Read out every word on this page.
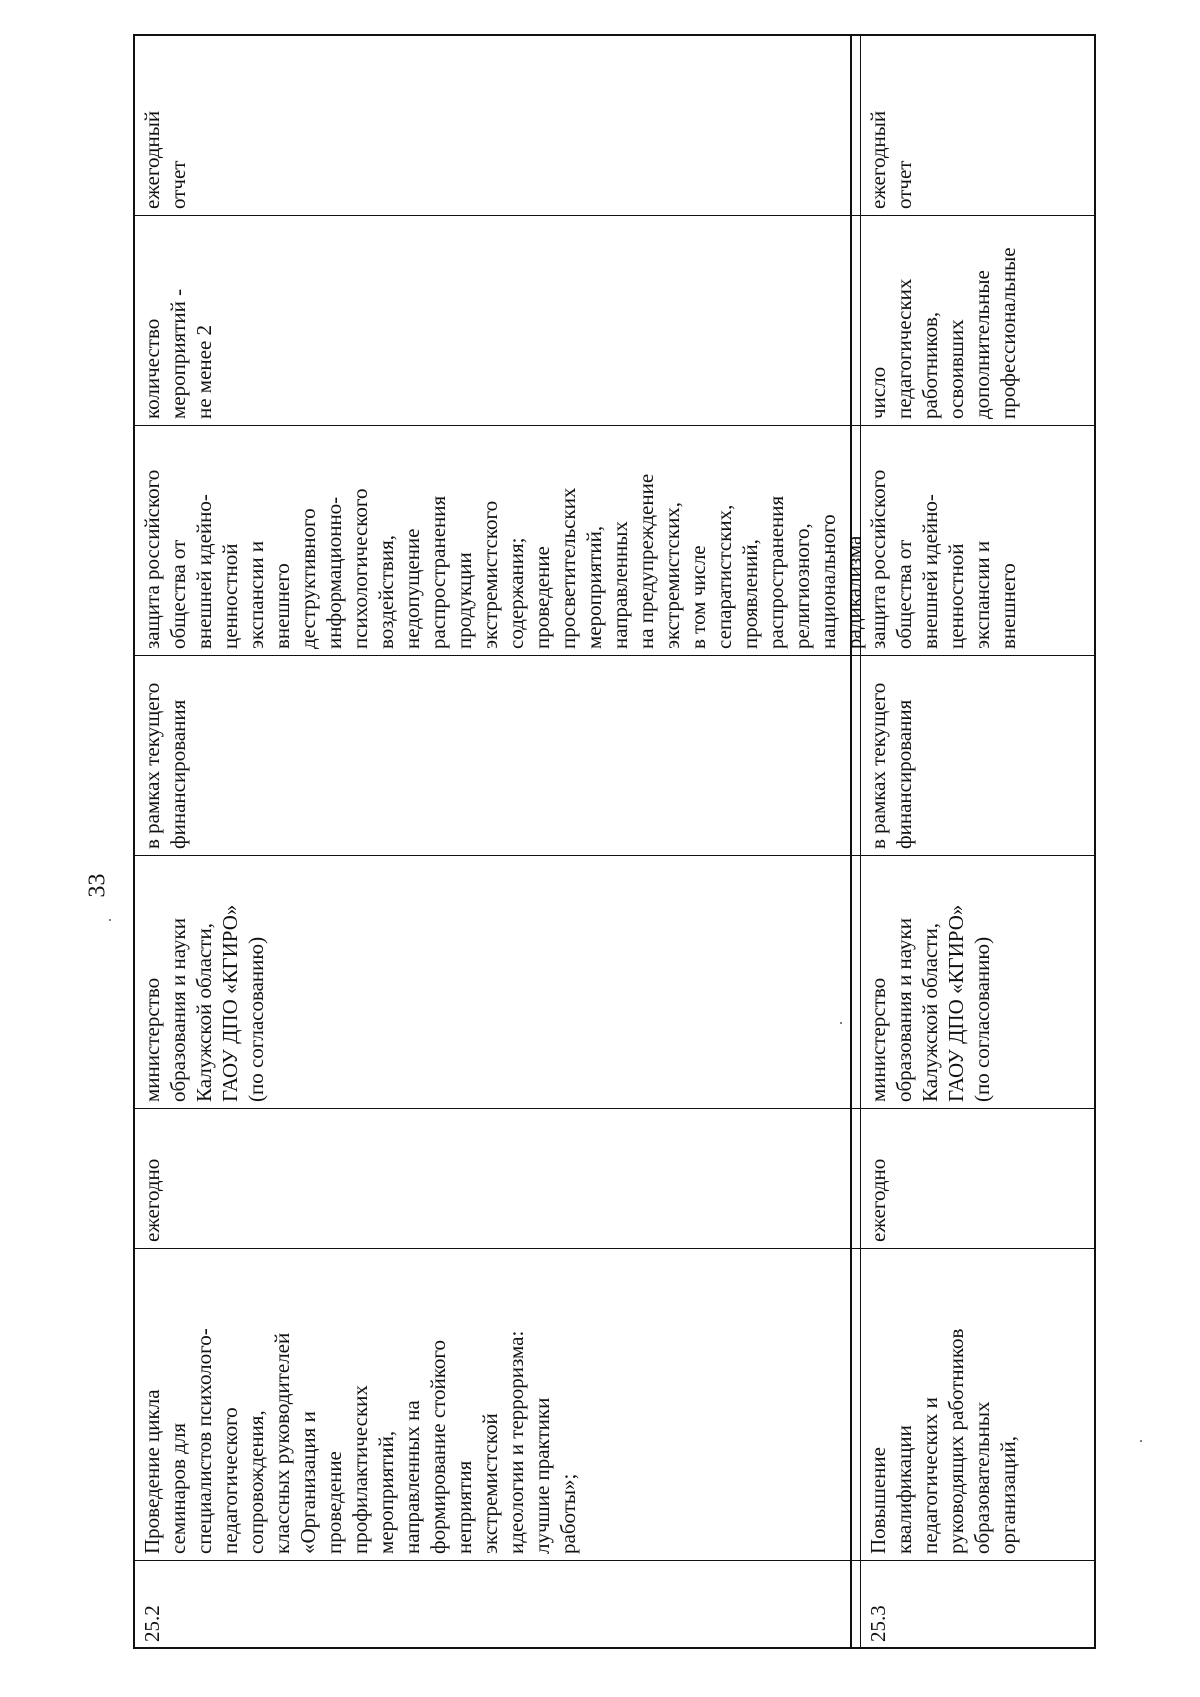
33
25.2
Проведение цикла
семинаров для
специалистов психолого-
педагогического
сопровождения,
классных руководителей
«Организация и
проведение
профилактических
мероприятий,
направленных на
формирование стойкого
неприятия
экстремистской
идеологии и терроризма:
лучшие практики
работы»;
ежегодно
министерство
образования и науки
Калужской области,
ГАОУ ДПО «КГИРО»
(по согласованию)
в рамках текущего
финансирования
защита российского
общества от
внешней идейно-
ценностной
экспансии и
внешнего
деструктивного
информационно-
психологического
воздействия,
недопущение
распространения
продукции
экстремистского
содержания;
проведение
просветительских
мероприятий,
направленных
на предупреждение
экстремистских,
в том числе
сепаратистских,
проявлений,
распространения
религиозного,
национального
радикализма
количество
мероприятий -
не менее 2
ежегодный
отчет
25.3
Повышение
квалификации
педагогических и
руководящих работников
образовательных
организаций,
ежегодно
министерство
образования и науки
Калужской области,
ГАОУ ДПО «КГИРО»
(по согласованию)
в рамках текущего
финансирования
защита российского
общества от
внешней идейно-
ценностной
экспансии и
внешнего
число
педагогических
работников,
освоивших
дополнительные
профессиональные
ежегодный
отчет
